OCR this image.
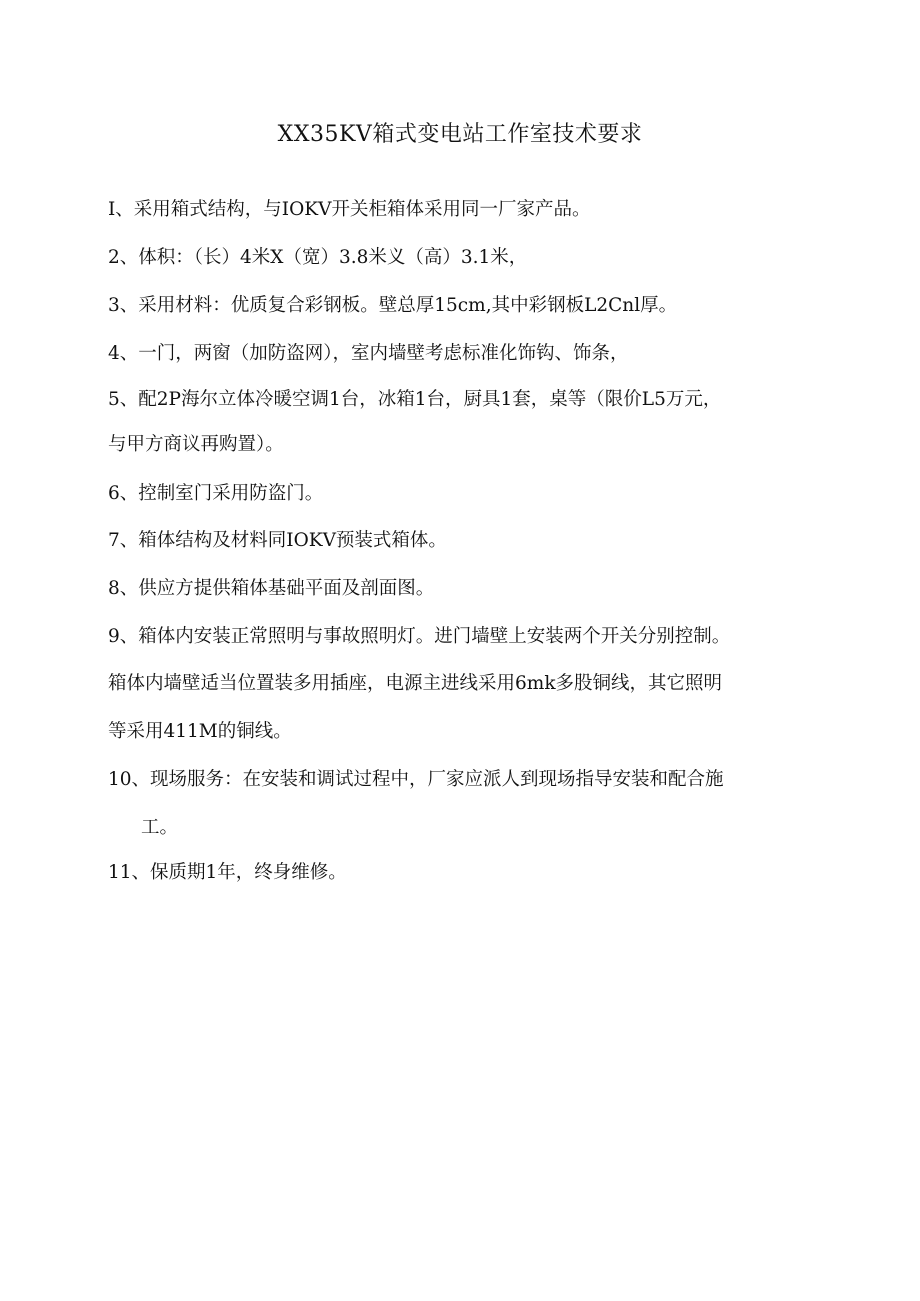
XX35KV箱式变电站工作室技术要求
I、采用箱式结构，与IOKV开关柜箱体采用同一厂家产品。
2、体积：（长）4米X（宽）3.8米义（高）3.1米，
3、采用材料：优质复合彩钢板。壁总厚15cm,其中彩钢板L2Cnl厚。
4、一门，两窗（加防盗网），室内墙壁考虑标准化饰钩、饰条，
5、配2P海尔立体冷暖空调1台，冰箱1台，厨具1套，桌等（限价L5万元，
与甲方商议再购置）。
6、控制室门采用防盗门。
7、箱体结构及材料同IOKV预装式箱体。
8、供应方提供箱体基础平面及剖面图。
9、箱体内安装正常照明与事故照明灯。进门墙壁上安装两个开关分别控制。
箱体内墙壁适当位置装多用插座，电源主进线采用6mk多股铜线，其它照明
等采用411M的铜线。
10、现场服务：在安装和调试过程中，厂家应派人到现场指导安装和配合施
工。
11、保质期1年，终身维修。
